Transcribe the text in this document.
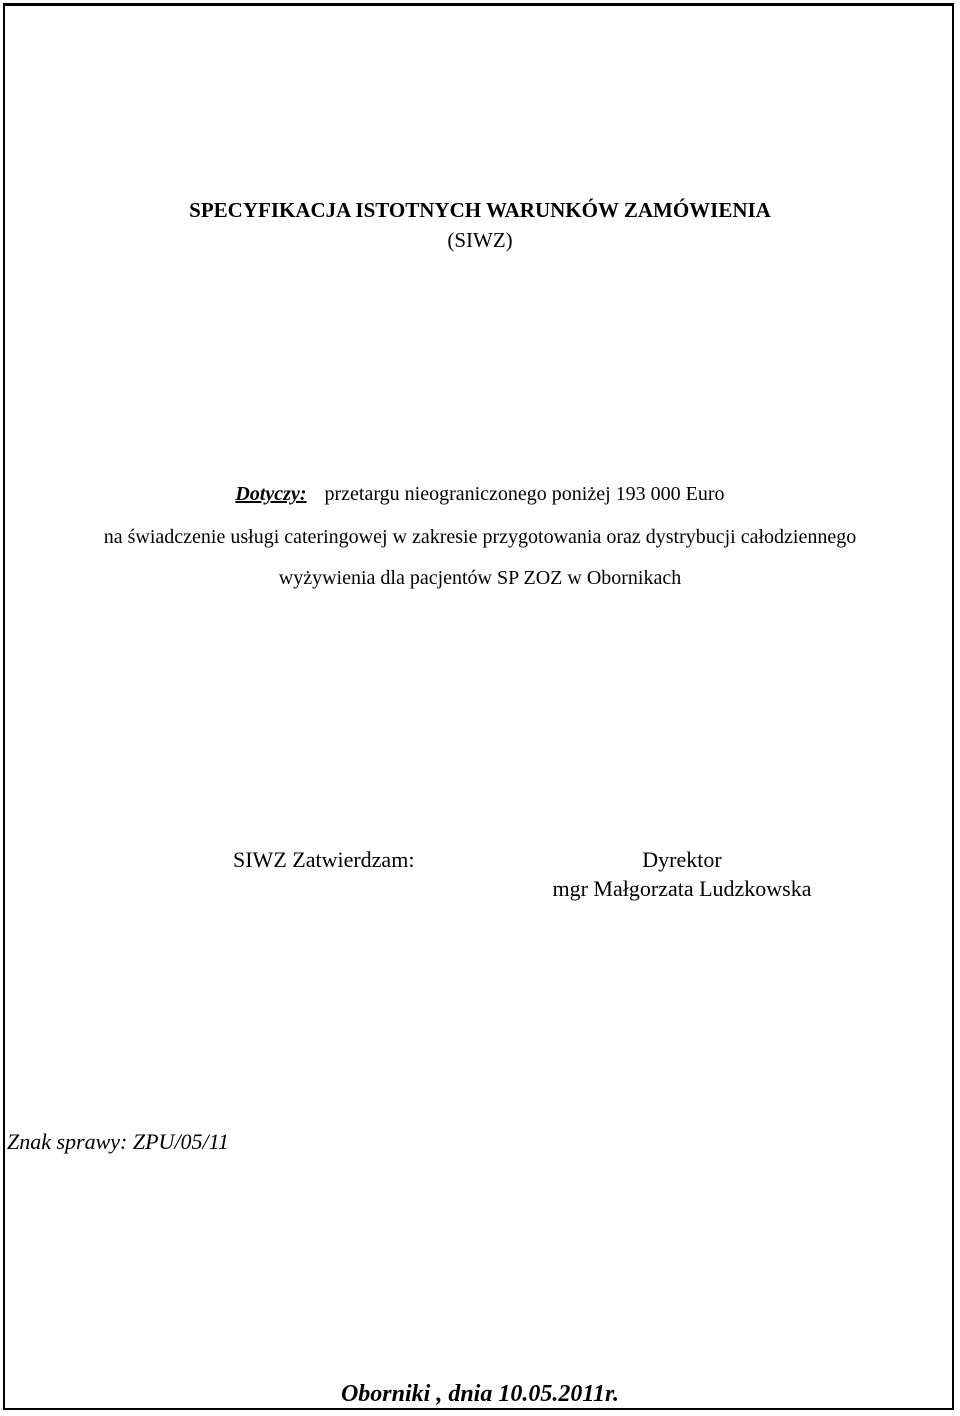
SPECYFIKACJA ISTOTNYCH WARUNKÓW ZAMÓWIENIA
(SIWZ)
Dotyczy: przetargu nieograniczonego poniżej 193 000 Euro
na świadczenie usługi cateringowej w zakresie przygotowania oraz dystrybucji całodziennego
wyżywienia dla pacjentów SP ZOZ w Obornikach
SIWZ Zatwierdzam:	Dyrektor
mgr Małgorzata Ludzkowska
Znak sprawy: ZPU/05/11
Oborniki , dnia 10.05.2011r.
